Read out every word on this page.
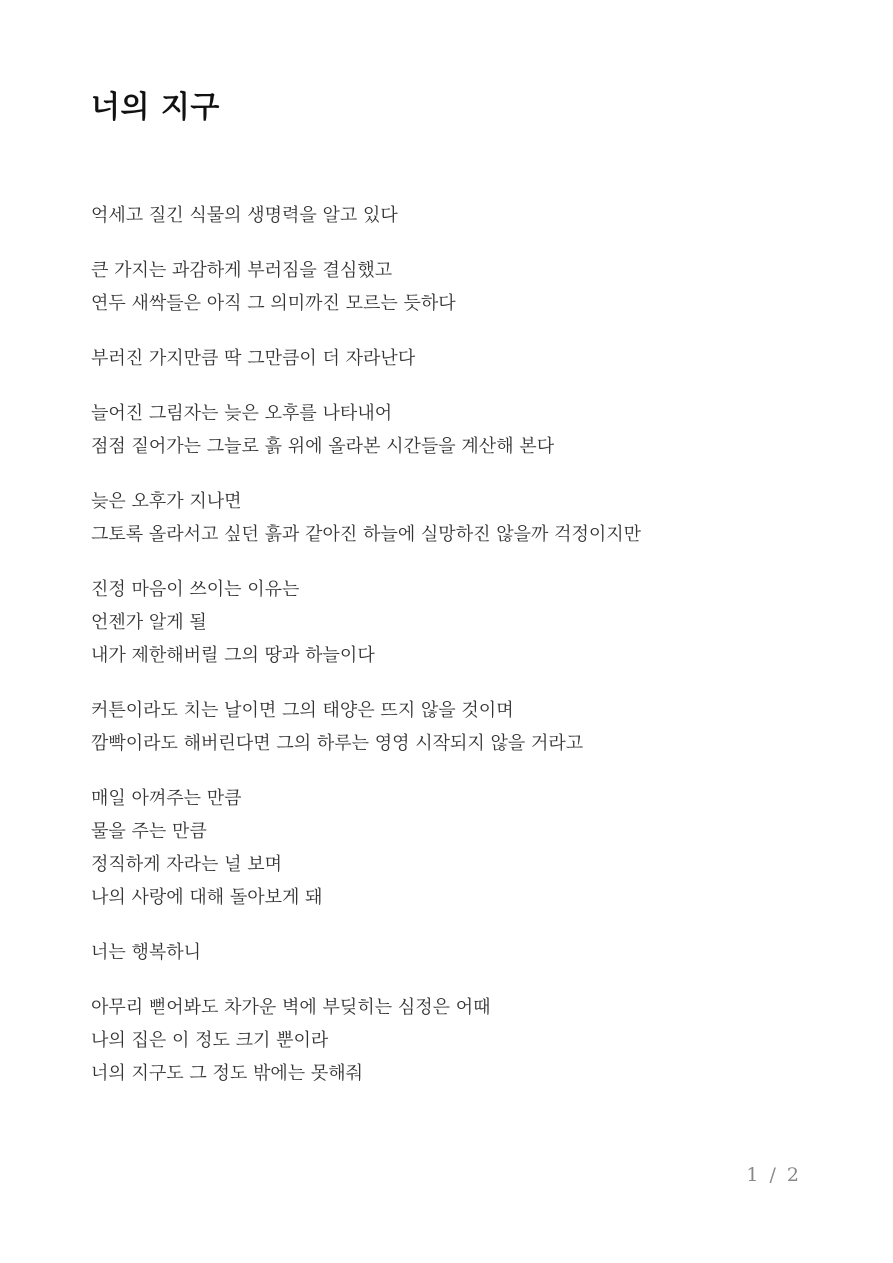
너의 지구
억세고 질긴 식물의 생명력을 알고 있다
큰 가지는 과감하게 부러짐을 결심했고
연두 새싹들은 아직 그 의미까진 모르는 듯하다
부러진 가지만큼 딱 그만큼이 더 자라난다
늘어진 그림자는 늦은 오후를 나타내어
점점 짙어가는 그늘로 흙 위에 올라본 시간들을 계산해 본다
늦은 오후가 지나면
그토록 올라서고 싶던 흙과 같아진 하늘에 실망하진 않을까 걱정이지만
진정 마음이 쓰이는 이유는
언젠가 알게 될
내가 제한해버릴 그의 땅과 하늘이다
커튼이라도 치는 날이면 그의 태양은 뜨지 않을 것이며
깜빡이라도 해버린다면 그의 하루는 영영 시작되지 않을 거라고
매일 아껴주는 만큼
물을 주는 만큼
정직하게 자라는 널 보며
나의 사랑에 대해 돌아보게 돼
너는 행복하니
아무리 뻗어봐도 차가운 벽에 부딪히는 심정은 어때
나의 집은 이 정도 크기 뿐이라
너의 지구도 그 정도 밖에는 못해줘
1 / 2
